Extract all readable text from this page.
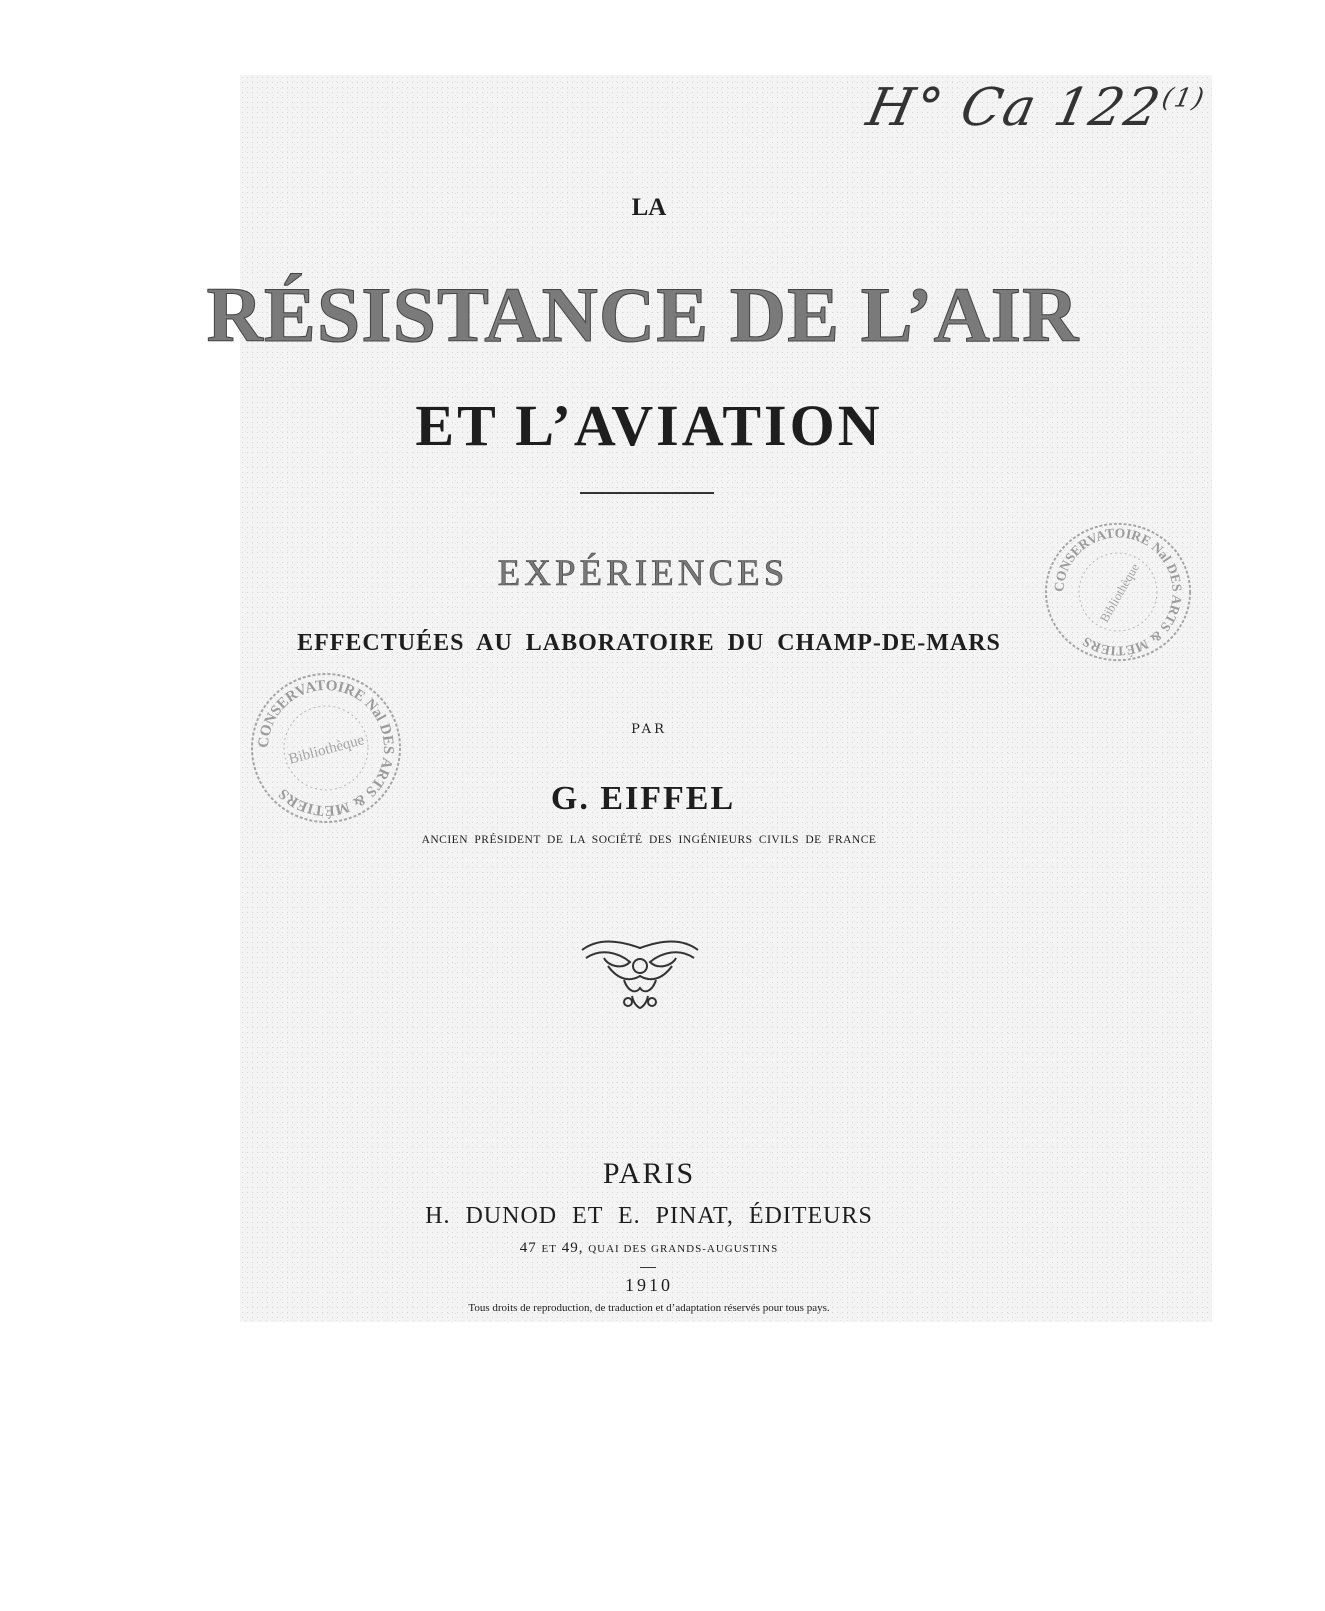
H° Ca 122$^{(1)}$
LA
RÉSISTANCE DE L’AIR
ET L’AVIATION
EXPÉRIENCES
EFFECTUÉES AU LABORATOIRE DU CHAMP-DE-MARS
PAR
G. EIFFEL
ANCIEN PRÉSIDENT DE LA SOCIÉTÉ DES INGÉNIEURS CIVILS DE FRANCE
PARIS
H. DUNOD ET E. PINAT, ÉDITEURS
47 ET 49, QUAI DES GRANDS-AUGUSTINS
1910
Tous droits de reproduction, de traduction et d’adaptation réservés pour tous pays.
CONSERVATOIRE Nal DES ARTS & MÉTIERS
Bibliothèque
CONSERVATOIRE Nal DES ARTS & MÉTIERS
Bibliothèque
